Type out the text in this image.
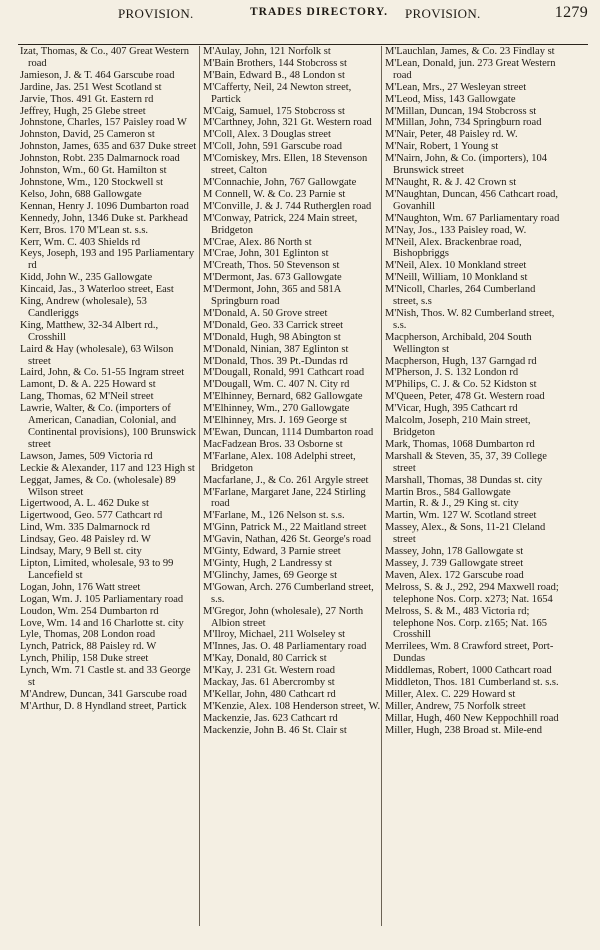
PROVISION.	TRADES DIRECTORY. PROVISION.	1279

Izat, Thomas, & Co., 407 Great Western road

Jamieson, J. & T. 464 Garscube road

Jardine, Jas. 251 West Scotland st

Jarvie, Thos. 491 Gt. Eastern rd

Jeffrey, Hugh, 25 Glebe street

Johnstone, Charles, 157 Paisley road W

Johnston, David, 25 Cameron st

Johnston, James, 635 and 637 Duke street

Johnston, Robt. 235 Dalmarnock road

Johnston, Wm., 60 Gt. Hamilton st

Johnstone, Wm., 120 Stockwell st

Kelso, John, 688 Gallowgate

Kennan, Henry J. 1096 Dumbarton road

Kennedy, John, 1346 Duke st. Parkhead

Kerr, Bros. 170 M'Lean st. s.s.

Kerr, Wm. C. 403 Shields rd

Keys, Joseph, 193 and 195 Parliamentary rd

Kidd, John W., 235 Gallowgate

Kincaid, Jas., 3 Waterloo street, East

King, Andrew (wholesale), 53 Candleriggs

King, Matthew, 32-34 Albert rd., Crosshill

Laird & Hay (wholesale), 63 Wilson street

Laird, John, & Co. 51-55 Ingram street

Lamont, D. & A. 225 Howard st

Lang, Thomas, 62 M'Neil street

Lawrie, Walter, & Co. (importers of American, Canadian, Colonial, and Continental provisions), 100 Brunswick street

Lawson, James, 509 Victoria rd

Leckie & Alexander, 117 and 123 High st

Leggat, James, & Co. (wholesale) 89 Wilson street

Ligertwood, A. L. 462 Duke st

Ligertwood, Geo. 577 Cathcart rd

Lind, Wm. 335 Dalmarnock rd

Lindsay, Geo. 48 Paisley rd. W

Lindsay, Mary, 9 Bell st. city

Lipton, Limited, wholesale, 93 to 99 Lancefield st

Logan, John, 176 Watt street

Logan, Wm. J. 105 Parliamentary road

Loudon, Wm. 254 Dumbarton rd

Love, Wm. 14 and 16 Charlotte st. city

Lyle, Thomas, 208 London road

Lynch, Patrick, 88 Paisley rd. W

Lynch, Philip, 158 Duke street

Lynch, Wm. 71 Castle st. and 33 George st

M'Andrew, Duncan, 341 Garscube road

M'Arthur, D. 8 Hyndland street, Partick

M'Aulay, John, 121 Norfolk st

M'Bain Brothers, 144 Stobcross st

M'Bain, Edward B., 48 London st

M'Cafferty, Neil, 24 Newton street, Partick

M'Caig, Samuel, 175 Stobcross st

M'Carthney, John, 321 Gt. Western road

M'Coll, Alex. 3 Douglas street

M'Coll, John, 591 Garscube road

M'Comiskey, Mrs. Ellen, 18 Stevenson street, Calton

M'Connachie, John, 767 Gallowgate

M Connell, W. & Co. 23 Parnie st

M'Conville, J. & J. 744 Rutherglen road

M'Conway, Patrick, 224 Main street, Bridgeton

M'Crae, Alex. 86 North st

M'Crae, John, 301 Eglinton st

M'Creath, Thos. 50 Stevenson st

M'Dermont, Jas. 673 Gallowgate

M'Dermont, John, 365 and 581A Springburn road

M'Donald, A. 50 Grove street

M'Donald, Geo. 33 Carrick street

M'Donald, Hugh, 98 Abington st

M'Donald, Ninian, 387 Eglinton st

M'Donald, Thos. 39 Pt.-Dundas rd

M'Dougall, Ronald, 991 Cathcart road

M'Dougall, Wm. C. 407 N. City rd

M'Elhinney, Bernard, 682 Gallowgate

M'Elhinney, Wm., 270 Gallowgate

M'Elhinney, Mrs. J. 169 George st

M'Ewan, Duncan, 1114 Dumbarton road

MacFadzean Bros. 33 Osborne st

M'Farlane, Alex. 108 Adelphi street, Bridgeton

Macfarlane, J., & Co. 261 Argyle street

M'Farlane, Margaret Jane, 224 Stirling road

M'Farlane, M., 126 Nelson st. s.s.

M'Ginn, Patrick M., 22 Maitland street

M'Gavin, Nathan, 426 St. George's road

M'Ginty, Edward, 3 Parnie street

M'Ginty, Hugh, 2 Landressy st

M'Glinchy, James, 69 George st

M'Gowan, Arch. 276 Cumberland street, s.s.

M'Gregor, John (wholesale), 27 North Albion street

M'Ilroy, Michael, 211 Wolseley st

M'Innes, Jas. O. 48 Parliamentary road

M'Kay, Donald, 80 Carrick st

M'Kay, J. 231 Gt. Western road

Mackay, Jas. 61 Abercromby st

M'Kellar, John, 480 Cathcart rd

M'Kenzie, Alex. 108 Henderson street, W.

Mackenzie, Jas. 623 Cathcart rd

Mackenzie, John B. 46 St. Clair st

M'Lauchlan, James, & Co. 23 Findlay st

M'Lean, Donald, jun. 273 Great Western road

M'Lean, Mrs., 27 Wesleyan street

M'Leod, Miss, 143 Gallowgate

M'Millan, Duncan, 194 Stobcross st

M'Millan, John, 734 Springburn road

M'Nair, Peter, 48 Paisley rd. W.

M'Nair, Robert, 1 Young st

M'Nairn, John, & Co. (importers), 104 Brunswick street

M'Naught, R. & J. 42 Crown st

M'Naughtan, Duncan, 456 Cathcart road, Govanhill

M'Naughton, Wm. 67 Parliamentary road

M'Nay, Jos., 133 Paisley road, W.

M'Neil, Alex. Brackenbrae road, Bishopbriggs

M'Neil, Alex. 10 Monkland street

M'Neill, William, 10 Monkland st

M'Nicoll, Charles, 264 Cumberland street, s.s

M'Nish, Thos. W. 82 Cumberland street, s.s.

Macpherson, Archibald, 204 South Wellington st

Macpherson, Hugh, 137 Garngad rd

M'Pherson, J. S. 132 London rd

M'Philips, C. J. & Co. 52 Kidston st

M'Queen, Peter, 478 Gt. Western road

M'Vicar, Hugh, 395 Cathcart rd

Malcolm, Joseph, 210 Main street, Bridgeton

Mark, Thomas, 1068 Dumbarton rd

Marshall & Steven, 35, 37, 39 College street

Marshall, Thomas, 38 Dundas st. city

Martin Bros., 584 Gallowgate

Martin, R. & J., 29 King st. city

Martin, Wm. 127 W. Scotland street

Massey, Alex., & Sons, 11-21 Cleland street

Massey, John, 178 Gallowgate st

Massey, J. 739 Gallowgate street

Maven, Alex. 172 Garscube road

Melross, S. & J., 292, 294 Maxwell road; telephone Nos. Corp. x273; Nat. 1654

Melross, S. & M., 483 Victoria rd; telephone Nos. Corp. z165; Nat. 165 Crosshill

Merrilees, Wm. 8 Crawford street, Port-Dundas

Middlemas, Robert, 1000 Cathcart road

Middleton, Thos. 181 Cumberland st. s.s.

Miller, Alex. C. 229 Howard st

Miller, Andrew, 75 Norfolk street

Millar, Hugh, 460 New Keppochhill road

Miller, Hugh, 238 Broad st. Mile-end
